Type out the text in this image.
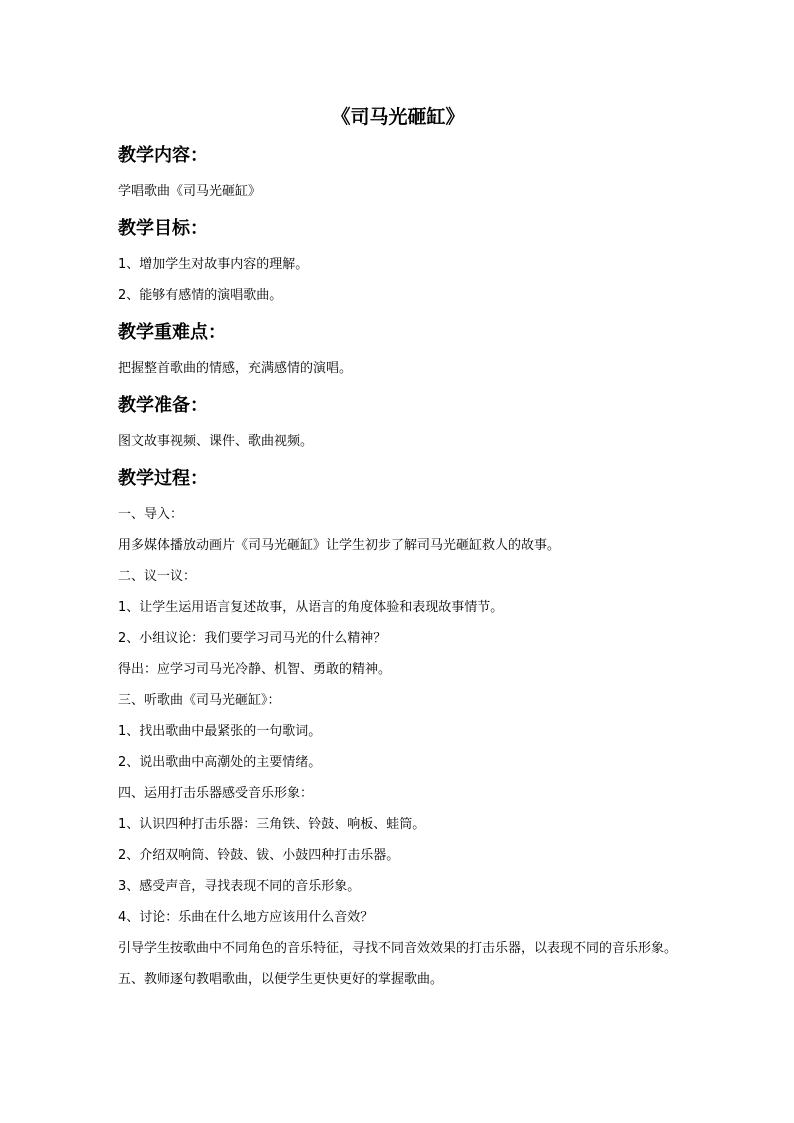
《司马光砸缸》
教学内容：
学唱歌曲《司马光砸缸》
教学目标：
1、增加学生对故事内容的理解。
2、能够有感情的演唱歌曲。
教学重难点：
把握整首歌曲的情感，充满感情的演唱。
教学准备：
图文故事视频、课件、歌曲视频。
教学过程：
一、导入：
用多媒体播放动画片《司马光砸缸》让学生初步了解司马光砸缸救人的故事。
二、议一议：
1、让学生运用语言复述故事，从语言的角度体验和表现故事情节。
2、小组议论：我们要学习司马光的什么精神？
得出：应学习司马光冷静、机智、勇敢的精神。
三、听歌曲《司马光砸缸》：
1、找出歌曲中最紧张的一句歌词。
2、说出歌曲中高潮处的主要情绪。
四、运用打击乐器感受音乐形象：
1、认识四种打击乐器：三角铁、铃鼓、响板、蛙筒。
2、介绍双响筒、铃鼓、钹、小鼓四种打击乐器。
3、感受声音，寻找表现不同的音乐形象。
4、讨论：乐曲在什么地方应该用什么音效？
引导学生按歌曲中不同角色的音乐特征，寻找不同音效效果的打击乐器，以表现不同的音乐形象。
五、教师逐句教唱歌曲，以便学生更快更好的掌握歌曲。
